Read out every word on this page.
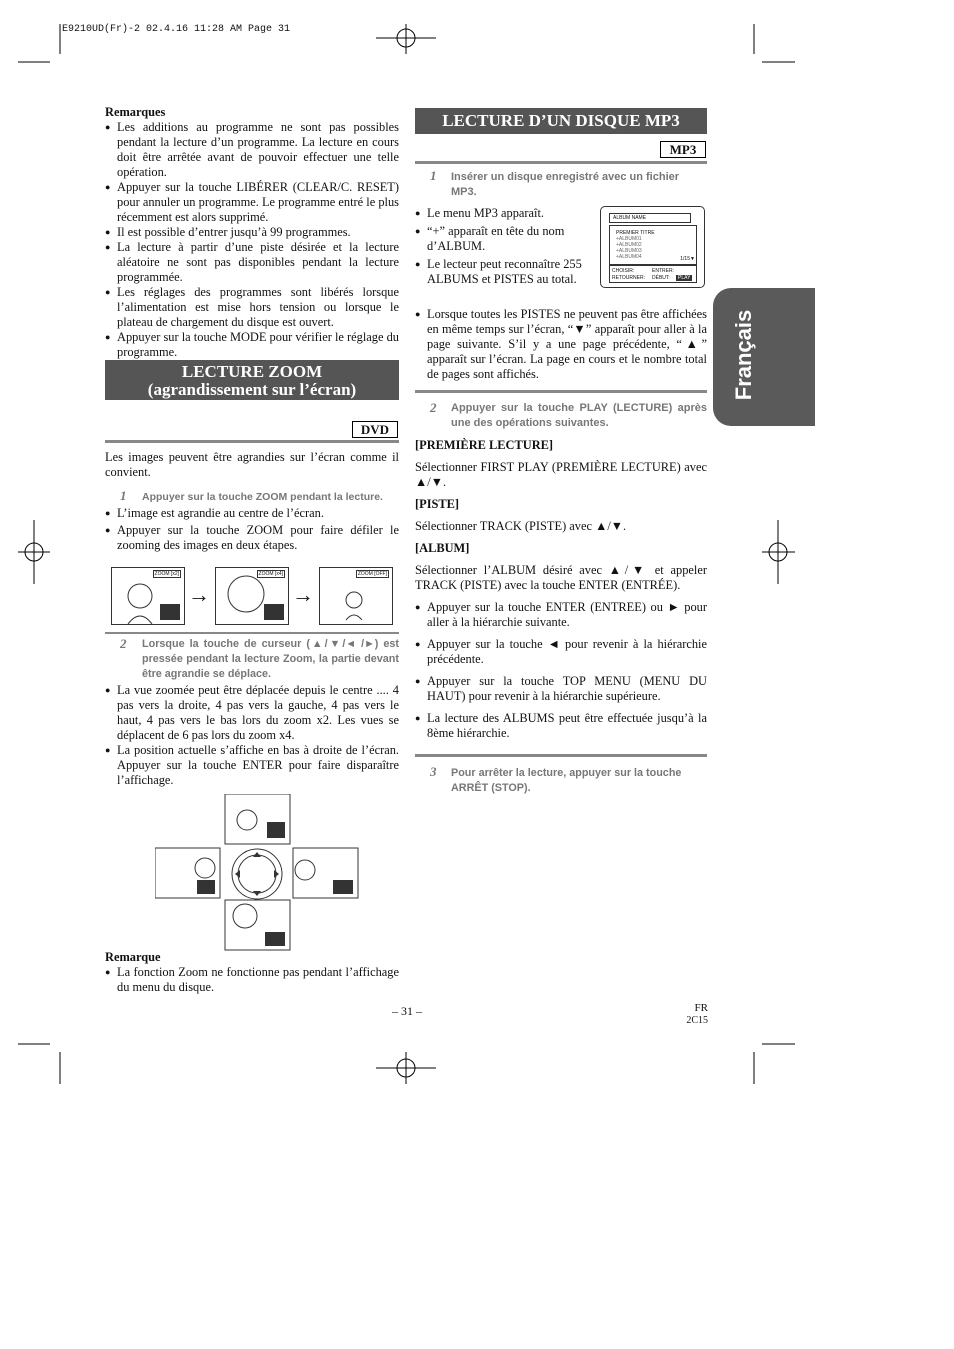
E9210UD(Fr)-2 02.4.16 11:28 AM Page 31
Français
Remarques
● Les additions au programme ne sont pas possibles pendant la lecture d’un programme. La lecture en cours doit être arrêtée avant de pouvoir effectuer une telle opération.
● Appuyer sur la touche LIBÉRER (CLEAR/C. RESET) pour annuler un programme. Le programme entré le plus récemment est alors supprimé.
● Il est possible d’entrer jusqu’à 99 programmes.
● La lecture à partir d’une piste désirée et la lecture aléatoire ne sont pas disponibles pendant la lecture programmée.
● Les réglages des programmes sont libérés lorsque l’alimentation est mise hors tension ou lorsque le plateau de chargement du disque est ouvert.
● Appuyer sur la touche MODE pour vérifier le réglage du programme.
LECTURE ZOOM
(agrandissement sur l’écran)
DVD
Les images peuvent être agrandies sur l’écran comme il convient.
1 Appuyer sur la touche ZOOM pendant la lecture.
● L’image est agrandie au centre de l’écran.
● Appuyer sur la touche ZOOM pour faire défiler le zooming des images en deux étapes.
ZOOM [x2]
→
ZOOM [x4]
→
ZOOM [OFF]
2 Lorsque la touche de curseur (▲/▼/◄ /►) est pressée pendant la lecture Zoom, la partie devant être agrandie se déplace.
● La vue zoomée peut être déplacée depuis le centre .... 4 pas vers la droite, 4 pas vers la gauche, 4 pas vers le haut, 4 pas vers le bas lors du zoom x2. Les vues se déplacent de 6 pas lors du zoom x4.
● La position actuelle s’affiche en bas à droite de l’écran. Appuyer sur la touche ENTER pour faire disparaître l’affichage.
Remarque
● La fonction Zoom ne fonctionne pas pendant l’affichage du menu du disque.
LECTURE D’UN DISQUE MP3
MP3
1 Insérer un disque enregistré avec un fichier MP3.
● Le menu MP3 apparaît.
● “+” apparaît en tête du nom d’ALBUM.
● Le lecteur peut reconnaître 255 ALBUMS et PISTES au total.
ALBUM NAME
PREMIER TITRE
+ALBUM01
+ALBUM02
+ALBUM03
+ALBUM04	1/15 ▼
CHOISIR:
RETOURNER:
ENTRER:
DÉBUT:	PLAY
● Lorsque toutes les PISTES ne peuvent pas être affichées en même temps sur l’écran, “▼” apparaît pour aller à la page suivante. S’il y a une page précédente, “▲” apparaît sur l’écran. La page en cours et le nombre total de pages sont affichés.
2 Appuyer sur la touche PLAY (LECTURE) après une des opérations suivantes.
[PREMIÈRE LECTURE]
Sélectionner FIRST PLAY (PREMIÈRE LECTURE) avec ▲/▼.
[PISTE]
Sélectionner TRACK (PISTE) avec ▲/▼.
[ALBUM]
Sélectionner l’ALBUM désiré avec ▲/▼ et appeler TRACK (PISTE) avec la touche ENTER (ENTRÉE).
● Appuyer sur la touche ENTER (ENTREE) ou ► pour aller à la hiérarchie suivante.
● Appuyer sur la touche ◄ pour revenir à la hiérarchie précédente.
● Appuyer sur la touche TOP MENU (MENU DU HAUT) pour revenir à la hiérarchie supérieure.
● La lecture des ALBUMS peut être effectuée jusqu’à la 8ème hiérarchie.
3 Pour arrêter la lecture, appuyer sur la touche ARRÊT (STOP).
– 31 –	FR
2C15
